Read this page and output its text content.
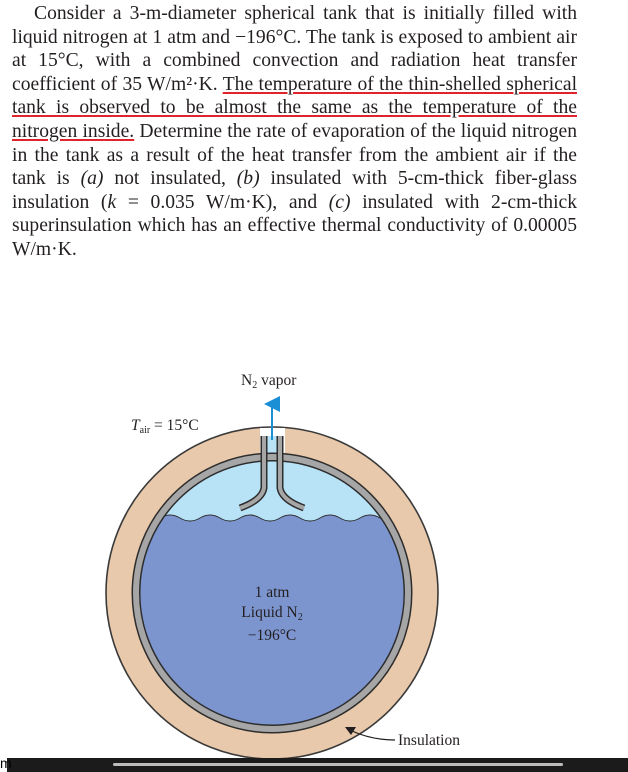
Consider a 3-m-diameter spherical tank that is initially filled with liquid nitrogen at 1 atm and −196°C. The tank is exposed to ambient air at 15°C, with a combined convection and radiation heat transfer coefficient of 35 W/m²·K. The temperature of the thin-shelled spherical tank is observed to be almost the same as the temperature of the nitrogen inside. Determine the rate of evaporation of the liquid nitrogen in the tank as a result of the heat transfer from the ambient air if the tank is (a) not insulated, (b) insulated with 5-cm-thick fiber-glass insulation (k = 0.035 W/m·K), and (c) insulated with 2-cm-thick superinsulation which has an effective thermal conductivity of 0.00005 W/m·K.

$N_2$ vapor
$T_{air} = 15^\circ C$
1 atm
Liquid $N_2$
−196°C
Insulation
m
